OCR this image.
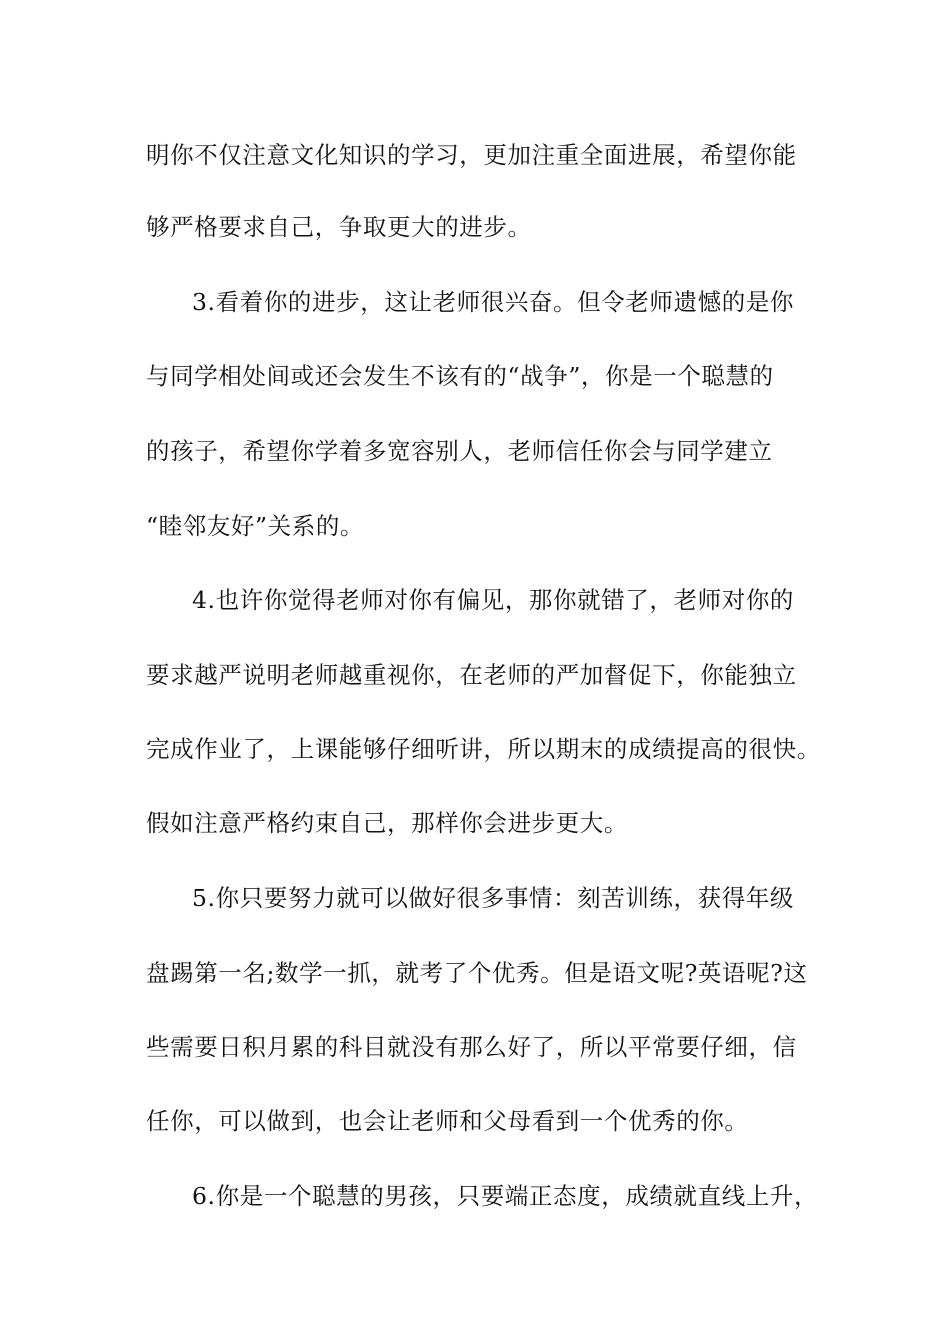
明你不仅注意文化知识的学习，更加注重全面进展，希望你能
够严格要求自己，争取更大的进步。
3.看着你的进步，这让老师很兴奋。但令老师遗憾的是你
与同学相处间或还会发生不该有的“战争”，你是一个聪慧的
的孩子，希望你学着多宽容别人，老师信任你会与同学建立
“睦邻友好”关系的。
4.也许你觉得老师对你有偏见，那你就错了，老师对你的
要求越严说明老师越重视你，在老师的严加督促下，你能独立
完成作业了，上课能够仔细听讲，所以期末的成绩提高的很快。
假如注意严格约束自己，那样你会进步更大。
5.你只要努力就可以做好很多事情：刻苦训练，获得年级
盘踢第一名;数学一抓，就考了个优秀。但是语文呢?英语呢?这
些需要日积月累的科目就没有那么好了，所以平常要仔细，信
任你，可以做到，也会让老师和父母看到一个优秀的你。
6.你是一个聪慧的男孩，只要端正态度，成绩就直线上升，
